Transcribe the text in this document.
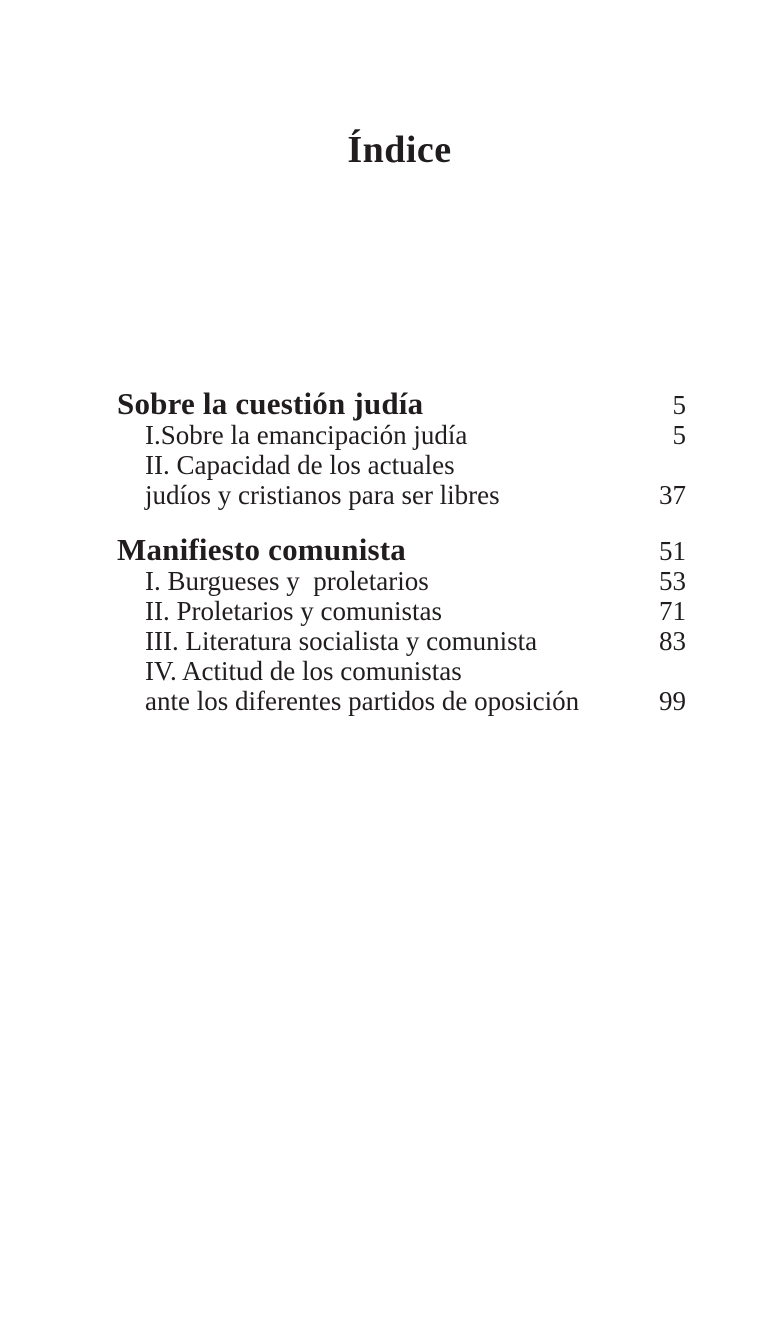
Índice
Sobre la cuestión judía	5
I.Sobre la emancipación judía	5
II. Capacidad de los actuales
judíos y cristianos para ser libres	37
Manifiesto comunista	51
I. Burgueses y  proletarios	53
II. Proletarios y comunistas	71
III. Literatura socialista y comunista	83
IV. Actitud de los comunistas
ante los diferentes partidos de oposición	99
